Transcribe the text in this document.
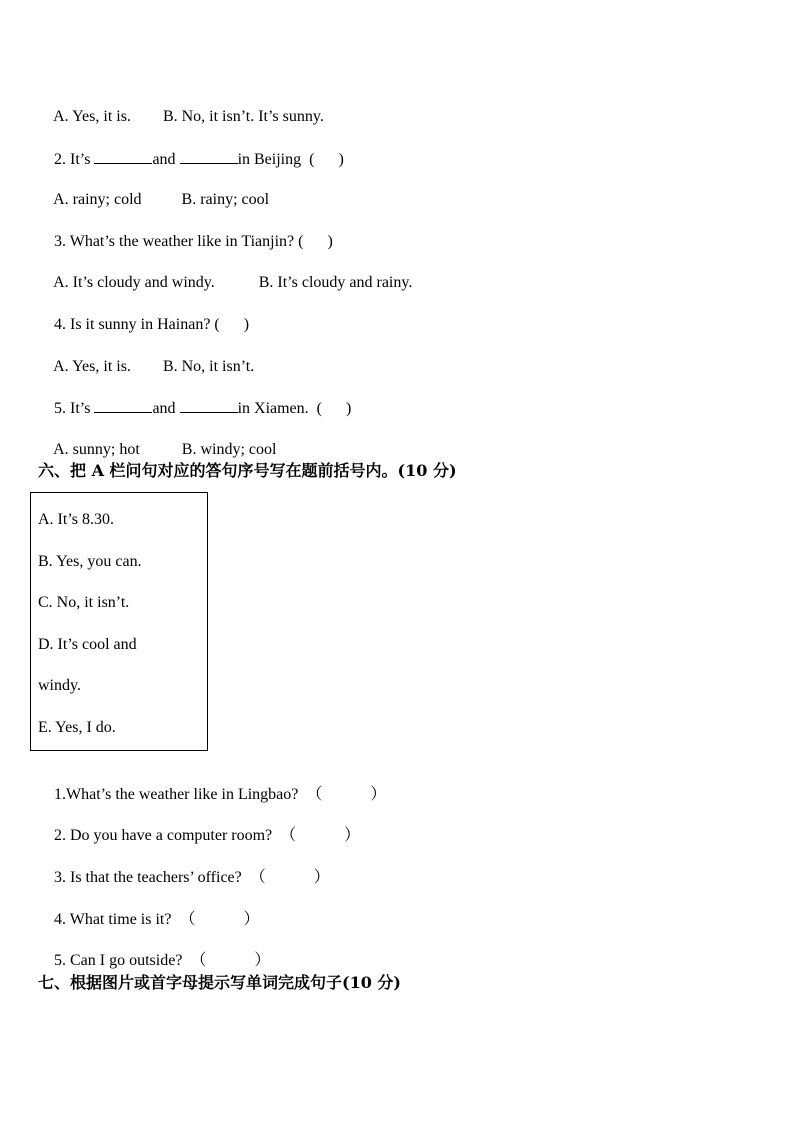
A. Yes, it is. B. No, it isn’t. It’s sunny.

2. It’s	and	in Beijing (      )

A. rainy; cold	B. rainy; cool

3. What’s the weather like in Tianjin? (      )

A. It’s cloudy and windy.	B. It’s cloudy and rainy.

4. Is it sunny in Hainan? (      )

A. Yes, it is. B. No, it isn’t.

5. It’s	and	in Xiamen. (      )

A. sunny; hot	B. windy; cool

六、把 A 栏问句对应的答句序号写在题前括号内。(10 分)
A. It’s 8.30.
B. Yes, you can.
C. No, it isn’t.
D. It’s cool and
windy.
E. Yes, I do.

1.What’s the weather like in Lingbao? （            ）

2. Do you have a computer room? （            ）

3. Is that the teachers’ office? （            ）

4. What time is it? （            ）

5. Can I go outside? （            ）

七、根据图片或首字母提示写单词完成句子(10 分)
